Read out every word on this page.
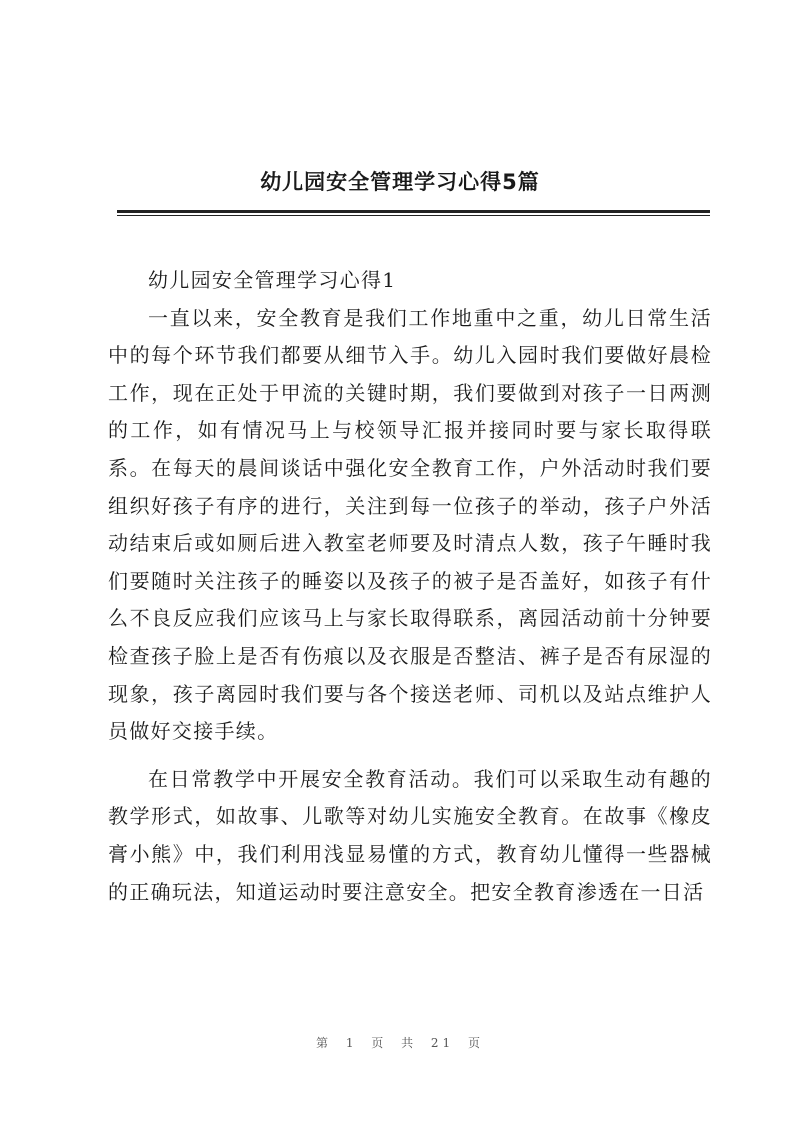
幼儿园安全管理学习心得5篇

幼儿园安全管理学习心得1

一直以来，安全教育是我们工作地重中之重，幼儿日常生活中的每个环节我们都要从细节入手。幼儿入园时我们要做好晨检工作，现在正处于甲流的关键时期，我们要做到对孩子一日两测的工作，如有情况马上与校领导汇报并接同时要与家长取得联系。在每天的晨间谈话中强化安全教育工作，户外活动时我们要组织好孩子有序的进行，关注到每一位孩子的举动，孩子户外活动结束后或如厕后进入教室老师要及时清点人数，孩子午睡时我们要随时关注孩子的睡姿以及孩子的被子是否盖好，如孩子有什么不良反应我们应该马上与家长取得联系，离园活动前十分钟要检查孩子脸上是否有伤痕以及衣服是否整洁、裤子是否有尿湿的现象，孩子离园时我们要与各个接送老师、司机以及站点维护人员做好交接手续。

在日常教学中开展安全教育活动。我们可以采取生动有趣的教学形式，如故事、儿歌等对幼儿实施安全教育。在故事《橡皮膏小熊》中，我们利用浅显易懂的方式，教育幼儿懂得一些器械的正确玩法，知道运动时要注意安全。把安全教育渗透在一日活

第 1 页 共 21 页
